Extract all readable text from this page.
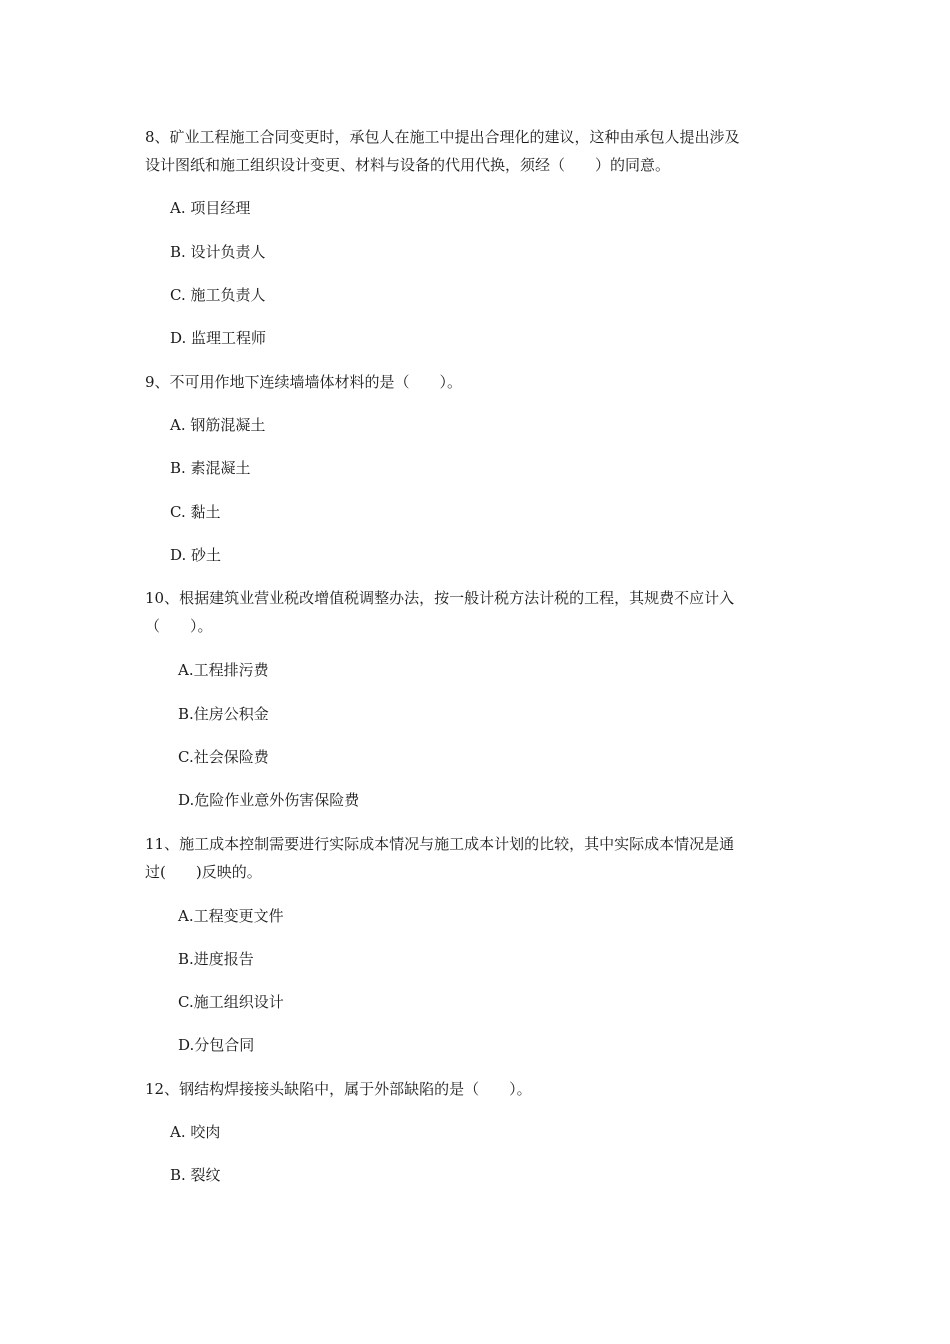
8、矿业工程施工合同变更时，承包人在施工中提出合理化的建议，这种由承包人提出涉及
设计图纸和施工组织设计变更、材料与设备的代用代换，须经（　　）的同意。
A. 项目经理
B. 设计负责人
C. 施工负责人
D. 监理工程师
9、不可用作地下连续墙墙体材料的是（　　）。
A. 钢筋混凝土
B. 素混凝土
C. 黏土
D. 砂土
10、根据建筑业营业税改增值税调整办法，按一般计税方法计税的工程，其规费不应计入
（　　）。
A.工程排污费
B.住房公积金
C.社会保险费
D.危险作业意外伤害保险费
11、施工成本控制需要进行实际成本情况与施工成本计划的比较，其中实际成本情况是通
过(　　)反映的。
A.工程变更文件
B.进度报告
C.施工组织设计
D.分包合同
12、钢结构焊接接头缺陷中，属于外部缺陷的是（　　）。
A. 咬肉
B. 裂纹
